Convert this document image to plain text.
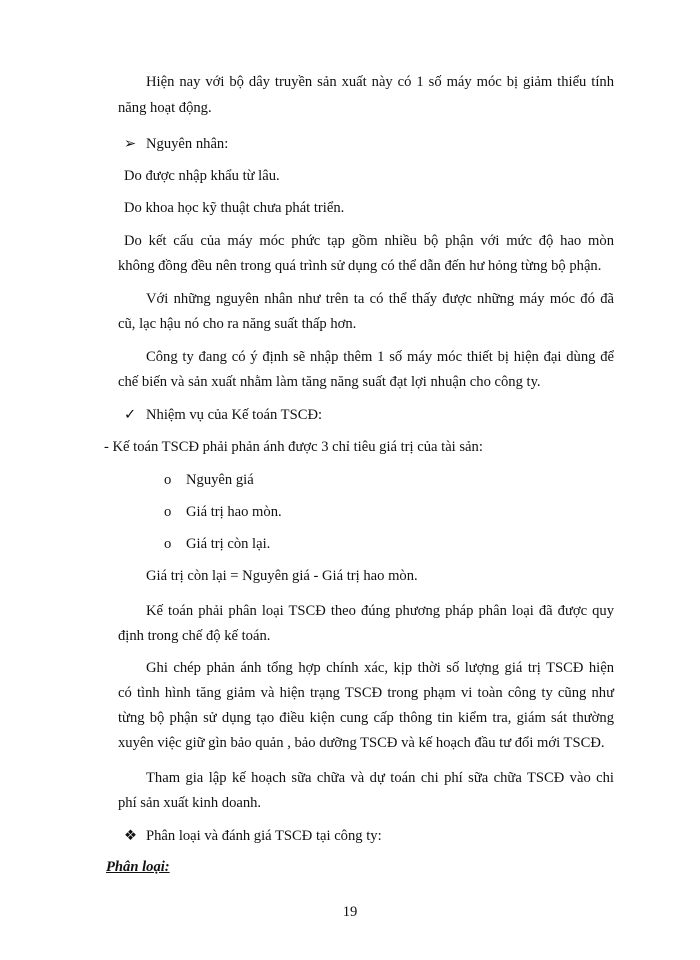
Hiện nay với bộ dây truyền sản xuất này có 1 số máy móc bị giảm thiểu tính
năng hoạt động.
➢ Nguyên nhân:
Do được nhập khẩu từ lâu.
Do khoa học kỹ thuật chưa phát triển.
Do kết cấu của máy móc phức tạp gồm nhiều bộ phận với mức độ hao mòn
không đồng đều nên trong quá trình sử dụng có thể dẫn đến hư hỏng từng bộ phận.
Với những nguyên nhân như trên ta có thể thấy được những máy móc đó đã
cũ, lạc hậu nó cho ra năng suất thấp hơn.
Công ty đang có ý định sẽ nhập thêm 1 số máy móc thiết bị hiện đại dùng để
chế biến và sản xuất nhằm làm tăng năng suất đạt lợi nhuận cho công ty.
✓ Nhiệm vụ của Kế toán TSCĐ:
- Kế toán TSCĐ phải phản ánh được 3 chỉ tiêu giá trị của tài sản:
o Nguyên giá
o Giá trị hao mòn.
o Giá trị còn lại.
Giá trị còn lại = Nguyên giá - Giá trị hao mòn.
Kế toán phải phân loại TSCĐ theo đúng phương pháp phân loại đã được quy
định trong chế độ kế toán.
Ghi chép phản ánh tổng hợp chính xác, kịp thời số lượng giá trị TSCĐ hiện
có tình hình tăng giảm và hiện trạng TSCĐ trong phạm vi toàn công ty cũng như
từng bộ phận sử dụng tạo điều kiện cung cấp thông tin kiểm tra, giám sát thường
xuyên việc giữ gìn bảo quản , bảo dưỡng TSCĐ và kế hoạch đầu tư đổi mới TSCĐ.
Tham gia lập kế hoạch sữa chữa và dự toán chi phí sữa chữa TSCĐ vào chi
phí sản xuất kinh doanh.
❖ Phân loại và đánh giá TSCĐ tại công ty:
Phân loại:
19
